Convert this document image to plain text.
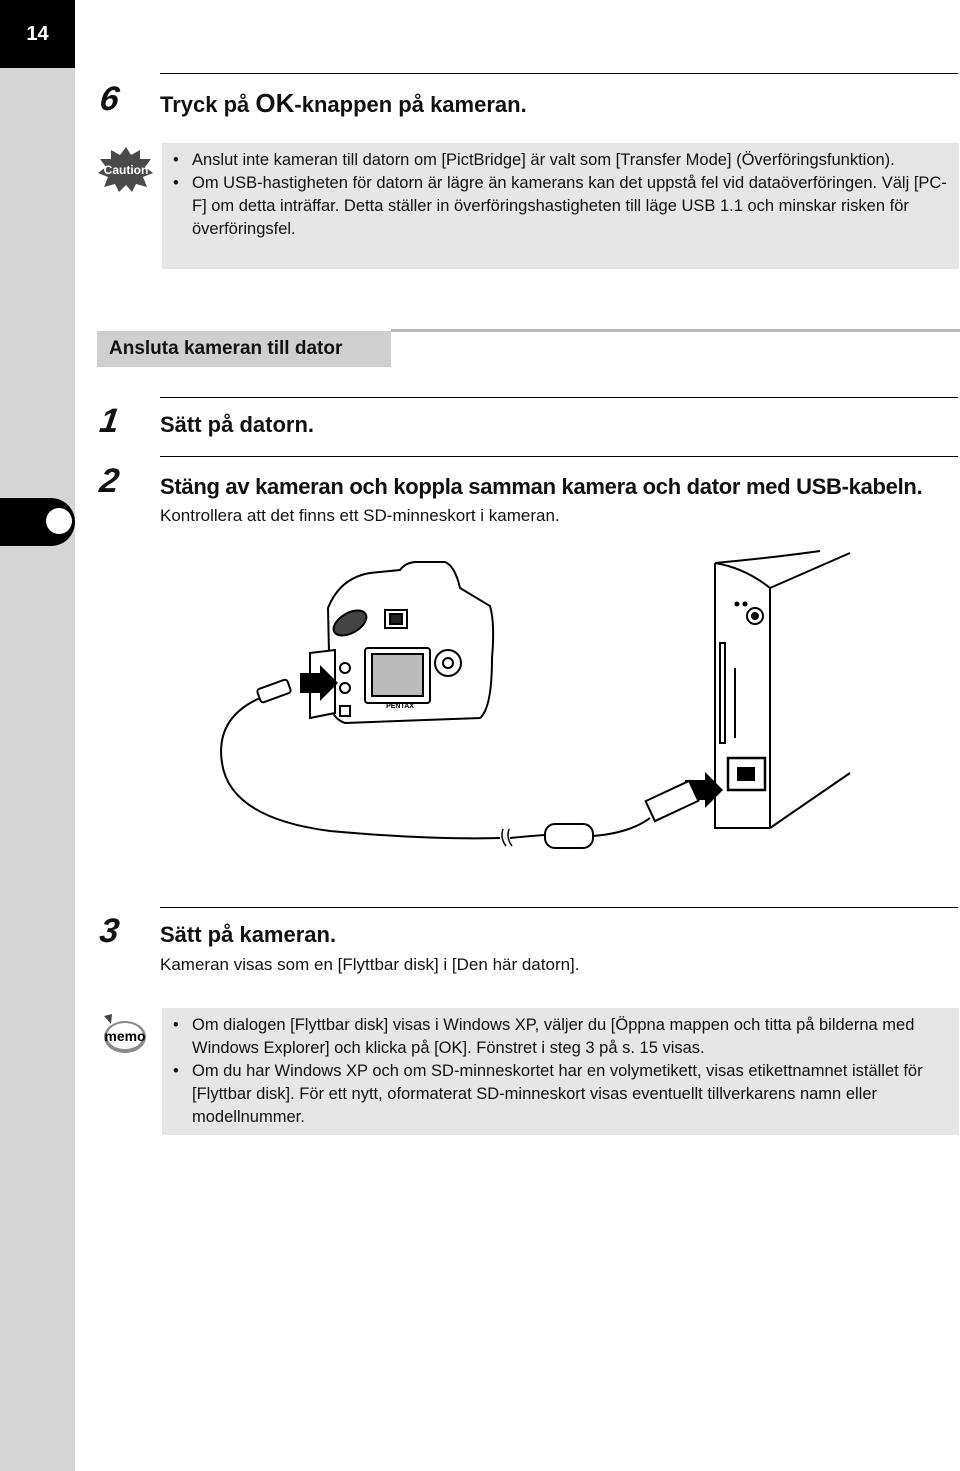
14
6 Tryck på OK-knappen på kameran.
Caution
• Anslut inte kameran till datorn om [PictBridge] är valt som [Transfer Mode] (Överföringsfunktion).
• Om USB-hastigheten för datorn är lägre än kamerans kan det uppstå fel vid dataöverföringen. Välj [PC-F] om detta inträffar. Detta ställer in överföringshastigheten till läge USB 1.1 och minskar risken för överföringsfel.
Ansluta kameran till dator
1 Sätt på datorn.
2 Stäng av kameran och koppla samman kamera och dator med USB-kabeln.
Kontrollera att det finns ett SD-minneskort i kameran.
PENTAX
3 Sätt på kameran.
Kameran visas som en [Flyttbar disk] i [Den här datorn].
memo
• Om dialogen [Flyttbar disk] visas i Windows XP, väljer du [Öppna mappen och titta på bilderna med Windows Explorer] och klicka på [OK]. Fönstret i steg 3 på s. 15 visas.
• Om du har Windows XP och om SD-minneskortet har en volymetikett, visas etikettnamnet istället för [Flyttbar disk]. För ett nytt, oformaterat SD-minneskort visas eventuellt tillverkarens namn eller modellnummer.
